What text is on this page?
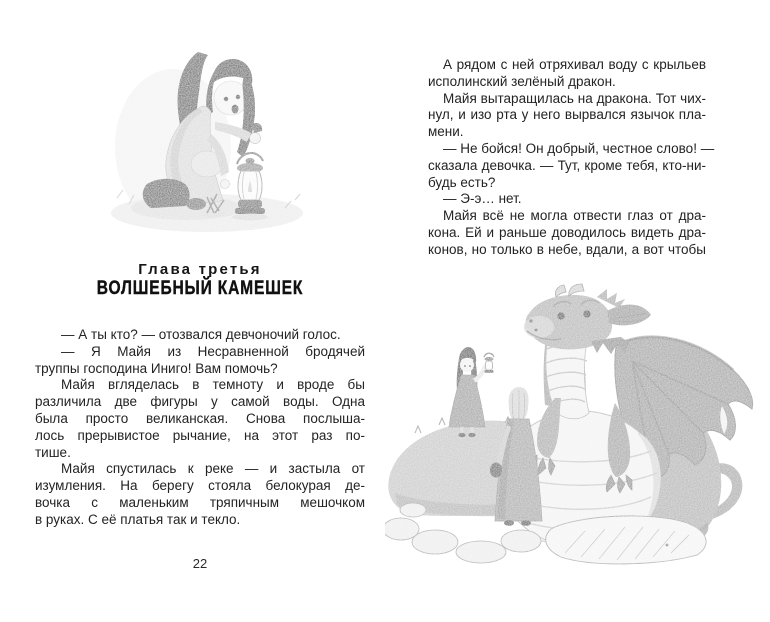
Глава третья
ВОЛШЕБНЫЙ КАМЕШЕК
— А ты кто? — отозвался девчоночий голос.
— Я Майя из Несравненной бродячей
труппы господина Иниго! Вам помочь?
Майя вгляделась в темноту и вроде бы
различила две фигуры у самой воды. Одна
была просто великанская. Снова послыша-
лось прерывистое рычание, на этот раз по-
тише.
Майя спустилась к реке — и застыла от
изумления. На берегу стояла белокурая де-
вочка с маленьким тряпичным мешочком
в руках. С её платья так и текло.
22
А рядом с ней отряхивал воду с крыльев
исполинский зелёный дракон.
Майя вытаращилась на дракона. Тот чих-
нул, и изо рта у него вырвался язычок пла-
мени.
— Не бойся! Он добрый, честное слово! —
сказала девочка. — Тут, кроме тебя, кто-ни-
будь есть?
— Э-э… нет.
Майя всё не могла отвести глаз от дра-
кона. Ей и раньше доводилось видеть дра-
конов, но только в небе, вдали, а вот чтобы
